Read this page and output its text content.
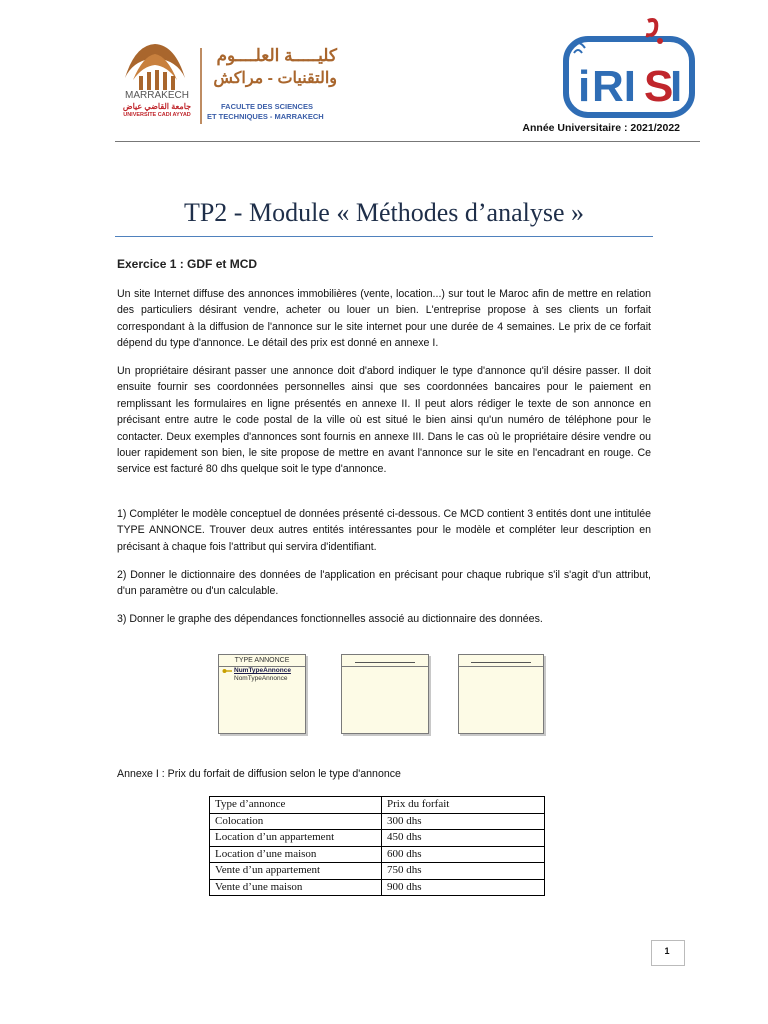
MARRAKECH
جامعة القاضي عياض
UNIVERSITE CADI AYYAD
كليـــــة العلــــوم
والتقنيات - مراكش
FACULTE DES SCIENCES
ET TECHNIQUES - MARRAKECH
i RI S
I
Année Universitaire : 2021/2022
TP2 - Module « Méthodes d’analyse »
Exercice 1 : GDF et MCD

Un site Internet diffuse des annonces immobilières (vente, location...) sur tout le Maroc afin de mettre en relation des particuliers désirant vendre, acheter ou louer un bien. L'entreprise propose à ses clients un forfait correspondant à la diffusion de l'annonce sur le site internet pour une durée de 4 semaines. Le prix de ce forfait dépend du type d'annonce. Le détail des prix est donné en annexe I.

Un propriétaire désirant passer une annonce doit d'abord indiquer le type d'annonce qu'il désire passer. Il doit ensuite fournir ses coordonnées personnelles ainsi que ses coordonnées bancaires pour le paiement en remplissant les formulaires en ligne présentés en annexe II. Il peut alors rédiger le texte de son annonce en précisant entre autre le code postal de la ville où est situé le bien ainsi qu'un numéro de téléphone pour le contacter. Deux exemples d'annonces sont fournis en annexe III. Dans le cas où le propriétaire désire vendre ou louer rapidement son bien, le site propose de mettre en avant l'annonce sur le site en l'encadrant en rouge. Ce service est facturé 80 dhs quelque soit le type d'annonce.

1) Compléter le modèle conceptuel de données présenté ci-dessous. Ce MCD contient 3 entités dont une intitulée TYPE ANNONCE. Trouver deux autres entités intéressantes pour le modèle et compléter leur description en précisant à chaque fois l'attribut qui servira d'identifiant.

2) Donner le dictionnaire des données de l'application en précisant pour chaque rubrique s'il s'agit d'un attribut, d'un paramètre ou d'un calculable.

3) Donner le graphe des dépendances fonctionnelles associé au dictionnaire des données.

TYPE ANNONCE
NumTypeAnnonce
NomTypeAnnonce
Annexe I : Prix du forfait de diffusion selon le type d'annonce
Type d’annonce	Prix du forfait
Colocation	300 dhs
Location d’un appartement	450 dhs
Location d’une maison	600 dhs
Vente d’un appartement	750 dhs
Vente d’une maison	900 dhs
1
